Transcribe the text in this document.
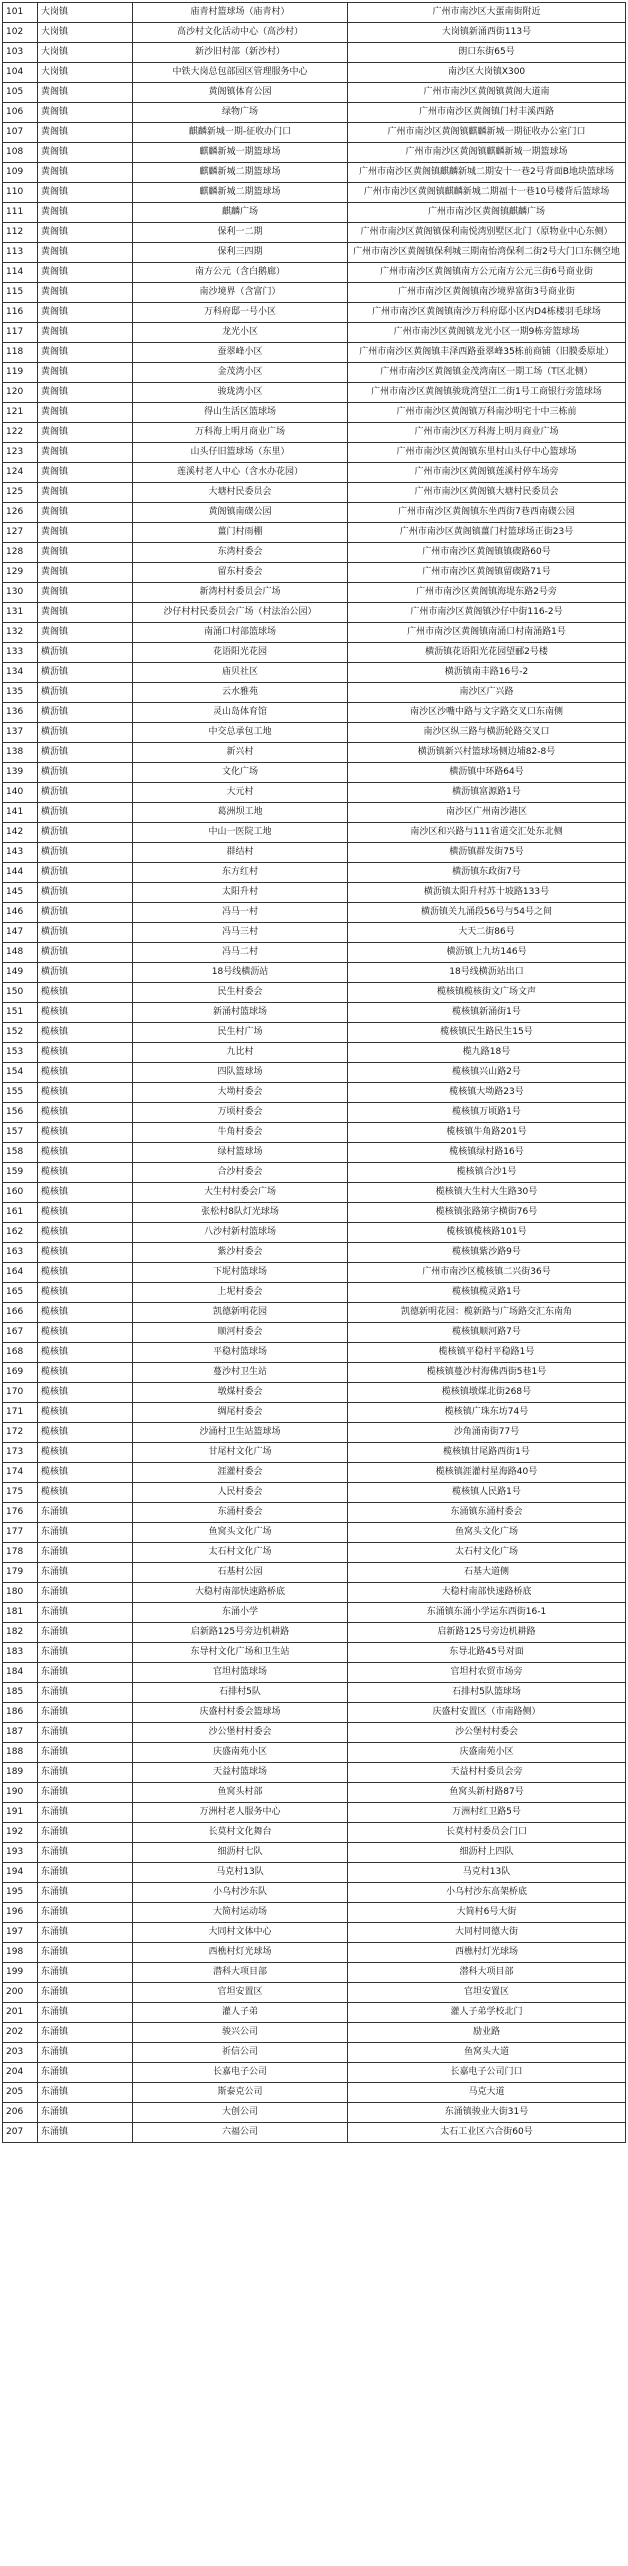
101	大岗镇	庙青村篮球场（庙青村）	广州市南沙区大蛋南街附近
102	大岗镇	高沙村文化活动中心（高沙村）	大岗镇新涌西街113号
103	大岗镇	新沙旧村部（新沙村）	朗口东街65号
104	大岗镇	中铁大岗总包部园区管理服务中心	南沙区大岗镇X300
105	黄阁镇	黄阁镇体育公园	广州市南沙区黄阁镇黄阁大道南
106	黄阁镇	绿物广场	广州市南沙区黄阁镇门村丰溪西路
107	黄阁镇	麒麟新城一期-征收办门口	广州市南沙区黄阁镇麒麟新城一期征收办公室门口
108	黄阁镇	麒麟新城一期篮球场	广州市南沙区黄阁镇麒麟新城一期篮球场
109	黄阁镇	麒麟新城二期篮球场	广州市南沙区黄阁镇麒麟新城二期安十一巷2号背面B地块篮球场
110	黄阁镇	麒麟新城二期篮球场	广州市南沙区黄阁镇麒麟新城二期福十一巷10号楼背后篮球场
111	黄阁镇	麒麟广场	广州市南沙区黄阁镇麒麟广场
112	黄阁镇	保利一二期	广州市南沙区黄阁镇保利南悦湾别墅区北门（原物业中心东侧）
113	黄阁镇	保利三四期	广州市南沙区黄阁镇保利城三期南怡湾保利二街2号大门口东侧空地
114	黄阁镇	南方公元（含白鹅廊）	广州市南沙区黄阁镇南方公元南方公元三街6号商业街
115	黄阁镇	南沙境界（含富门）	广州市南沙区黄阁镇南沙境界富街3号商业街
116	黄阁镇	万科府邸一号小区	广州市南沙区黄阁镇南沙万科府邸小区内D4栋楼羽毛球场
117	黄阁镇	龙光小区	广州市南沙区黄阁镇龙光小区一期9栋旁篮球场
118	黄阁镇	蚕翠峰小区	广州市南沙区黄阁镇丰泽西路蚕翠峰35栋前商铺（旧膜委原址）
119	黄阁镇	金茂湾小区	广州市南沙区黄阁镇金茂湾南区一期工场（T区北侧）
120	黄阁镇	骏珑湾小区	广州市南沙区黄阁镇骏珑湾望江二街1号工商银行旁篮球场
121	黄阁镇	得山生活区篮球场	广州市南沙区黄阁镇万科南沙明宅十中三栋前
122	黄阁镇	万科海上明月商业广场	广州市南沙区万科海上明月商业广场
123	黄阁镇	山头仔旧篮球场（东里）	广州市南沙区黄阁镇东里村山头仔中心篮球场
124	黄阁镇	莲溪村老人中心（含水办花园）	广州市南沙区黄阁镇莲溪村停车场旁
125	黄阁镇	大塘村民委员会	广州市南沙区黄阁镇大塘村民委员会
126	黄阁镇	黄阁镇南碶公园	广州市南沙区黄阁镇东坐西街7巷西南碶公园
127	黄阁镇	薑门村雨棚	广州市南沙区黄阁镇薑门村篮球场正街23号
128	黄阁镇	东湾村委会	广州市南沙区黄阁镇镇碶路60号
129	黄阁镇	留东村委会	广州市南沙区黄阁镇留碶路71号
130	黄阁镇	新湾村村委员会广场	广州市南沙区黄阁镇海堤东路2号旁
131	黄阁镇	沙仔村村民委员会广场（村法治公园）	广州市南沙区黄阁镇沙仔中街116-2号
132	黄阁镇	南涌口村部篮球场	广州市南沙区黄阁镇南涌口村南涌路1号
133	横沥镇	花语阳光花园	横沥镇花语阳光花园望郦2号楼
134	横沥镇	庙贝社区	横沥镇南丰路16号-2
135	横沥镇	云水雅苑	南沙区广兴路
136	横沥镇	灵山岛体育馆	南沙区沙嘴中路与文字路交叉口东南侧
137	横沥镇	中交总承包工地	南沙区纵三路与横沥轮路交叉口
138	横沥镇	新兴村	横沥镇新兴村篮球场侧边埔82-8号
139	横沥镇	文化广场	横沥镇中环路64号
140	横沥镇	大元村	横沥镇富源路1号
141	横沥镇	葛洲坝工地	南沙区广州南沙港区
142	横沥镇	中山一医院工地	南沙区和兴路与111省道交汇处东北侧
143	横沥镇	群结村	横沥镇群发街75号
144	横沥镇	东方红村	横沥镇东政街7号
145	横沥镇	太阳升村	横沥镇太阳升村苏十坡路133号
146	横沥镇	冯马一村	横沥镇关九涌段56号与54号之间
147	横沥镇	冯马三村	大天二街86号
148	横沥镇	冯马二村	横沥镇上九坊146号
149	横沥镇	18号线横沥站	18号线横沥站出口
150	榄核镇	民生村委会	榄核镇榄核街文广场文声
151	榄核镇	新涌村篮球场	榄核镇新涌街1号
152	榄核镇	民生村广场	榄核镇民生路民生15号
153	榄核镇	九比村	榄九路18号
154	榄核镇	四队篮球场	榄核镇兴山路2号
155	榄核镇	大坳村委会	榄核镇大坳路23号
156	榄核镇	万顷村委会	榄核镇万顷路1号
157	榄核镇	牛角村委会	榄核镇牛角路201号
158	榄核镇	绿村篮球场	榄核镇绿村路16号
159	榄核镇	合沙村委会	榄核镇合沙1号
160	榄核镇	大生村村委会广场	榄核镇大生村大生路30号
161	榄核镇	张松村8队灯光球场	榄核镇张路第字横街76号
162	榄核镇	八沙村新村篮球场	榄核镇榄核路101号
163	榄核镇	紫沙村委会	榄核镇紫沙路9号
164	榄核镇	下坭村篮球场	广州市南沙区榄核镇二兴街36号
165	榄核镇	上坭村委会	榄核镇榄灵路1号
166	榄核镇	凯德新明花园	凯德新明花园：榄新路与广场路交汇东南角
167	榄核镇	顺河村委会	榄核镇顺河路7号
168	榄核镇	平稳村篮球场	榄核镇平稳村平稳路1号
169	榄核镇	蔓沙村卫生站	榄核镇蔓沙村海佛西街5巷1号
170	榄核镇	墩煤村委会	榄核镇墩煤北街268号
171	榄核镇	绸尾村委会	榄核镇广珠东坊74号
172	榄核镇	沙涌村卫生站篮球场	沙角涌南街77号
173	榄核镇	甘尾村文化广场	榄核镇甘尾路西街1号
174	榄核镇	涯灌村委会	榄核镇涯灌村星海路40号
175	榄核镇	人民村委会	榄核镇人民路1号
176	东涌镇	东涌村委会	东涌镇东涌村委会
177	东涌镇	鱼窝头文化广场	鱼窝头文化广场
178	东涌镇	太石村文化广场	太石村文化广场
179	东涌镇	石基村公园	石基大道侧
180	东涌镇	大稳村南部快速路桥底	大稳村南部快速路桥底
181	东涌镇	东涌小学	东涌镇东涌小学运东西街16-1
182	东涌镇	启新路125号旁边机耕路	启新路125号旁边机耕路
183	东涌镇	东导村文化广场和卫生站	东导北路45号对面
184	东涌镇	官坦村篮球场	官坦村农贸市场旁
185	东涌镇	石排村5队	石排村5队篮球场
186	东涌镇	庆盛村村委会篮球场	庆盛村安置区（市南路侧）
187	东涌镇	沙公堡村村委会	沙公堡村村委会
188	东涌镇	庆盛南苑小区	庆盛南苑小区
189	东涌镇	天益村篮球场	天益村村委员会旁
190	东涌镇	鱼窝头村部	鱼窝头新村路87号
191	东涌镇	万洲村老人服务中心	万洲村红卫路5号
192	东涌镇	长莫村文化舞台	长莫村村委员会门口
193	东涌镇	细沥村七队	细沥村上四队
194	东涌镇	马克村13队	马克村13队
195	东涌镇	小乌村沙东队	小乌村沙东高架桥底
196	东涌镇	大简村运动场	大简村6号大街
197	东涌镇	大同村文体中心	大同村同德大街
198	东涌镇	西樵村灯光球场	西樵村灯光球场
199	东涌镇	潜科大项目部	潜科大项目部
200	东涌镇	官坦安置区	官坦安置区
201	东涌镇	灌人子弟	灌人子弟学校北门
202	东涌镇	骏兴公司	励业路
203	东涌镇	祈信公司	鱼窝头大道
204	东涌镇	长嘉电子公司	长嘉电子公司门口
205	东涌镇	斯泰克公司	马克大道
206	东涌镇	大创公司	东涌镇骏业大街31号
207	东涌镇	六福公司	太石工业区六合街60号
